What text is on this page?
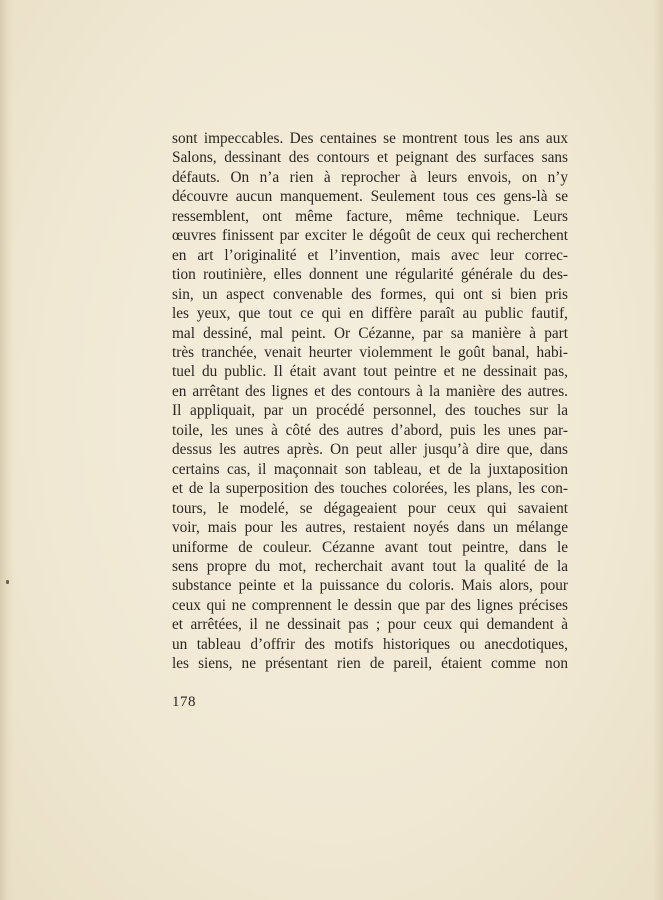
sont impeccables. Des centaines se montrent tous les ans aux
Salons, dessinant des contours et peignant des surfaces sans
défauts. On n’a rien à reprocher à leurs envois, on n’y
découvre aucun manquement. Seulement tous ces gens-là se
ressemblent, ont même facture, même technique. Leurs
œuvres finissent par exciter le dégoût de ceux qui recherchent
en art l’originalité et l’invention, mais avec leur correc-
tion routinière, elles donnent une régularité générale du des-
sin, un aspect convenable des formes, qui ont si bien pris
les yeux, que tout ce qui en diffère paraît au public fautif,
mal dessiné, mal peint. Or Cézanne, par sa manière à part
très tranchée, venait heurter violemment le goût banal, habi-
tuel du public. Il était avant tout peintre et ne dessinait pas,
en arrêtant des lignes et des contours à la manière des autres.
Il appliquait, par un procédé personnel, des touches sur la
toile, les unes à côté des autres d’abord, puis les unes par-
dessus les autres après. On peut aller jusqu’à dire que, dans
certains cas, il maçonnait son tableau, et de la juxtaposition
et de la superposition des touches colorées, les plans, les con-
tours, le modelé, se dégageaient pour ceux qui savaient
voir, mais pour les autres, restaient noyés dans un mélange
uniforme de couleur. Cézanne avant tout peintre, dans le
sens propre du mot, recherchait avant tout la qualité de la
substance peinte et la puissance du coloris. Mais alors, pour
ceux qui ne comprennent le dessin que par des lignes précises
et arrêtées, il ne dessinait pas ; pour ceux qui demandent à
un tableau d’offrir des motifs historiques ou anecdotiques,
les siens, ne présentant rien de pareil, étaient comme non
178
